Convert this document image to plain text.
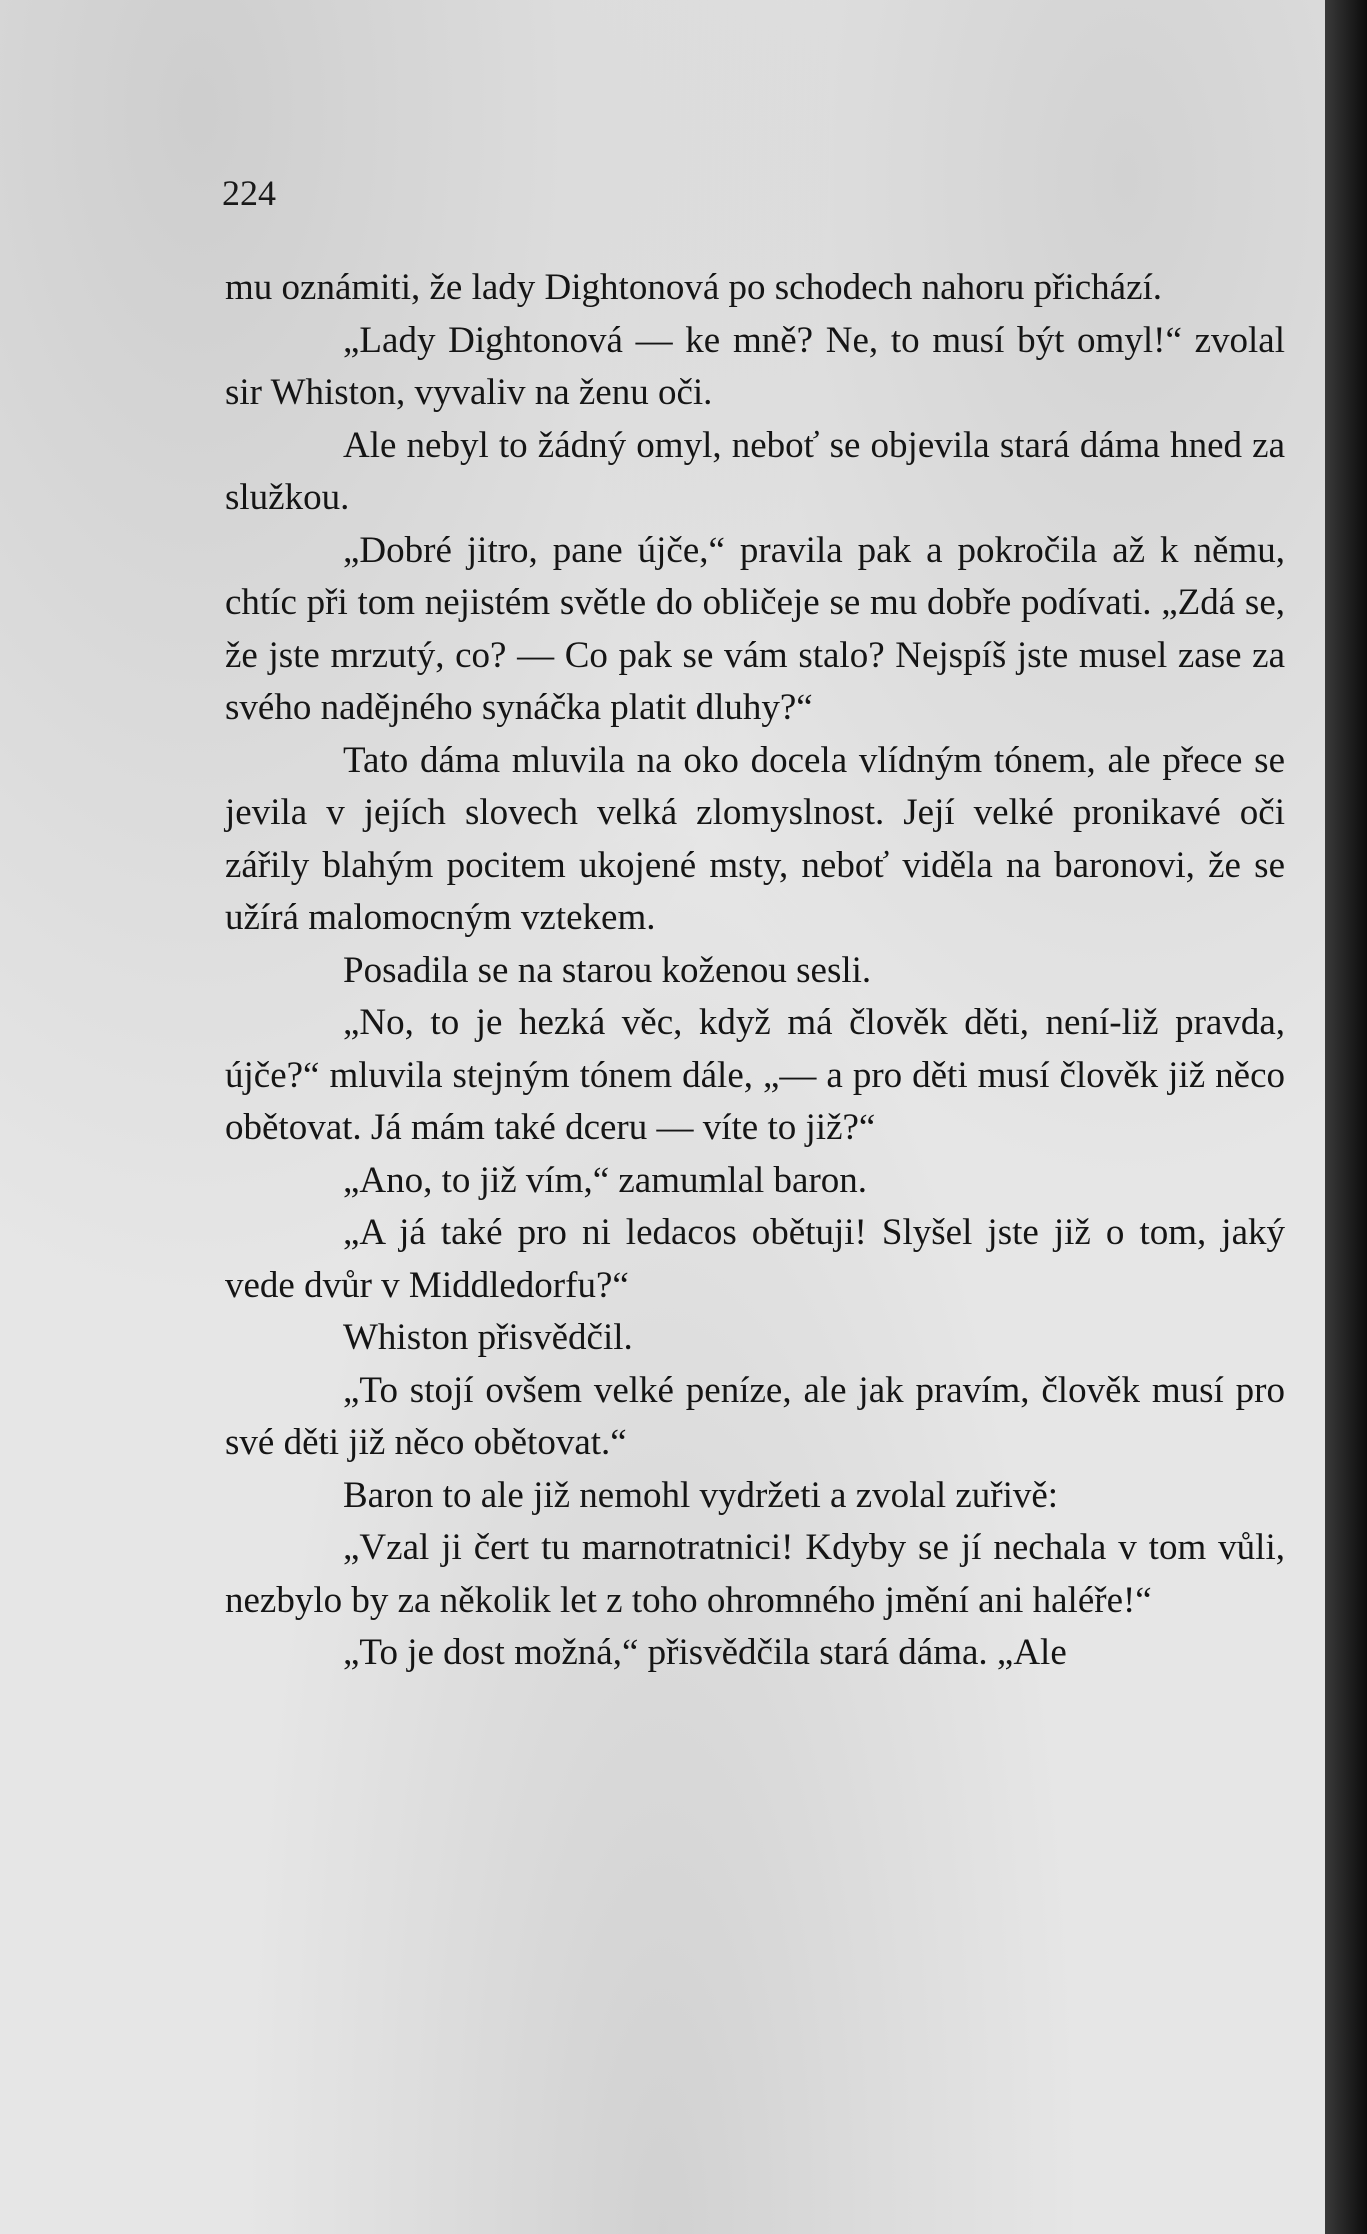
224

mu oznámiti, že lady Dightonová po schodech nahoru přichází.

„Lady Dightonová — ke mně? Ne, to musí být omyl!“ zvolal sir Whiston, vyvaliv na ženu oči.

Ale nebyl to žádný omyl, neboť se objevila stará dáma hned za služkou.

„Dobré jitro, pane újče,“ pravila pak a pokročila až k němu, chtíc při tom nejistém světle do obličeje se mu dobře podívati. „Zdá se, že jste mrzutý, co? — Co pak se vám stalo? Nejspíš jste musel zase za svého nadějného synáčka platit dluhy?“

Tato dáma mluvila na oko docela vlídným tónem, ale přece se jevila v jejích slovech velká zlomyslnost. Její velké pronikavé oči zářily blahým pocitem ukojené msty, neboť viděla na baronovi, že se užírá malomocným vztekem.

Posadila se na starou koženou sesli.

„No, to je hezká věc, když má člověk děti, není-liž pravda, újče?“ mluvila stejným tónem dále, „— a pro děti musí člověk již něco obětovat. Já mám také dceru — víte to již?“

„Ano, to již vím,“ zamumlal baron.

„A já také pro ni ledacos obětuji! Slyšel jste již o tom, jaký vede dvůr v Middledorfu?“

Whiston přisvědčil.

„To stojí ovšem velké peníze, ale jak pravím, člověk musí pro své děti již něco obětovat.“

Baron to ale již nemohl vydržeti a zvolal zuřivě:

„Vzal ji čert tu marnotratnici! Kdyby se jí nechala v tom vůli, nezbylo by za několik let z toho ohromného jmění ani haléře!“

„To je dost možná,“ přisvědčila stará dáma. „Ale
